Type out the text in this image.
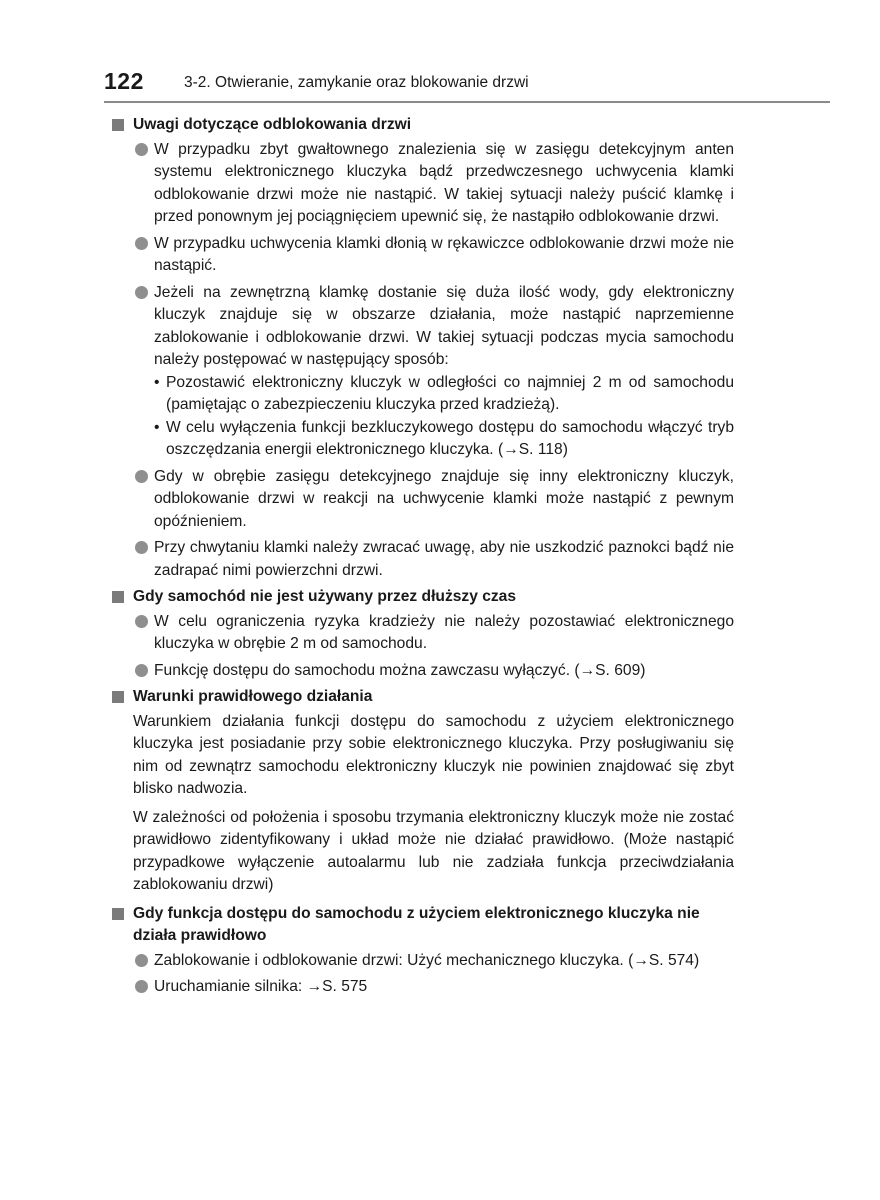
122	3-2. Otwieranie, zamykanie oraz blokowanie drzwi
Uwagi dotyczące odblokowania drzwi
W przypadku zbyt gwałtownego znalezienia się w zasięgu detekcyjnym anten systemu elektronicznego kluczyka bądź przedwczesnego uchwycenia klamki odblokowanie drzwi może nie nastąpić. W takiej sytuacji należy puścić klamkę i przed ponownym jej pociągnięciem upewnić się, że nastąpiło odblokowanie drzwi.
W przypadku uchwycenia klamki dłonią w rękawiczce odblokowanie drzwi może nie nastąpić.
Jeżeli na zewnętrzną klamkę dostanie się duża ilość wody, gdy elektroniczny kluczyk znajduje się w obszarze działania, może nastąpić naprzemienne zablokowanie i odblokowanie drzwi. W takiej sytuacji podczas mycia samochodu należy postępować w następujący sposób:
• Pozostawić elektroniczny kluczyk w odległości co najmniej 2 m od samochodu (pamiętając o zabezpieczeniu kluczyka przed kradzieżą).
• W celu wyłączenia funkcji bezkluczykowego dostępu do samochodu włączyć tryb oszczędzania energii elektronicznego kluczyka. (→S. 118)
Gdy w obrębie zasięgu detekcyjnego znajduje się inny elektroniczny kluczyk, odblokowanie drzwi w reakcji na uchwycenie klamki może nastąpić z pewnym opóźnieniem.
Przy chwytaniu klamki należy zwracać uwagę, aby nie uszkodzić paznokci bądź nie zadrapać nimi powierzchni drzwi.
Gdy samochód nie jest używany przez dłuższy czas
W celu ograniczenia ryzyka kradzieży nie należy pozostawiać elektronicznego kluczyka w obrębie 2 m od samochodu.
Funkcję dostępu do samochodu można zawczasu wyłączyć. (→S. 609)
Warunki prawidłowego działania
Warunkiem działania funkcji dostępu do samochodu z użyciem elektronicznego kluczyka jest posiadanie przy sobie elektronicznego kluczyka. Przy posługiwaniu się nim od zewnątrz samochodu elektroniczny kluczyk nie powinien znajdować się zbyt blisko nadwozia.
W zależności od położenia i sposobu trzymania elektroniczny kluczyk może nie zostać prawidłowo zidentyfikowany i układ może nie działać prawidłowo. (Może nastąpić przypadkowe wyłączenie autoalarmu lub nie zadziała funkcja przeciwdziałania zablokowaniu drzwi)
Gdy funkcja dostępu do samochodu z użyciem elektronicznego kluczyka nie działa prawidłowo
Zablokowanie i odblokowanie drzwi: Użyć mechanicznego kluczyka. (→S. 574)
Uruchamianie silnika: →S. 575
